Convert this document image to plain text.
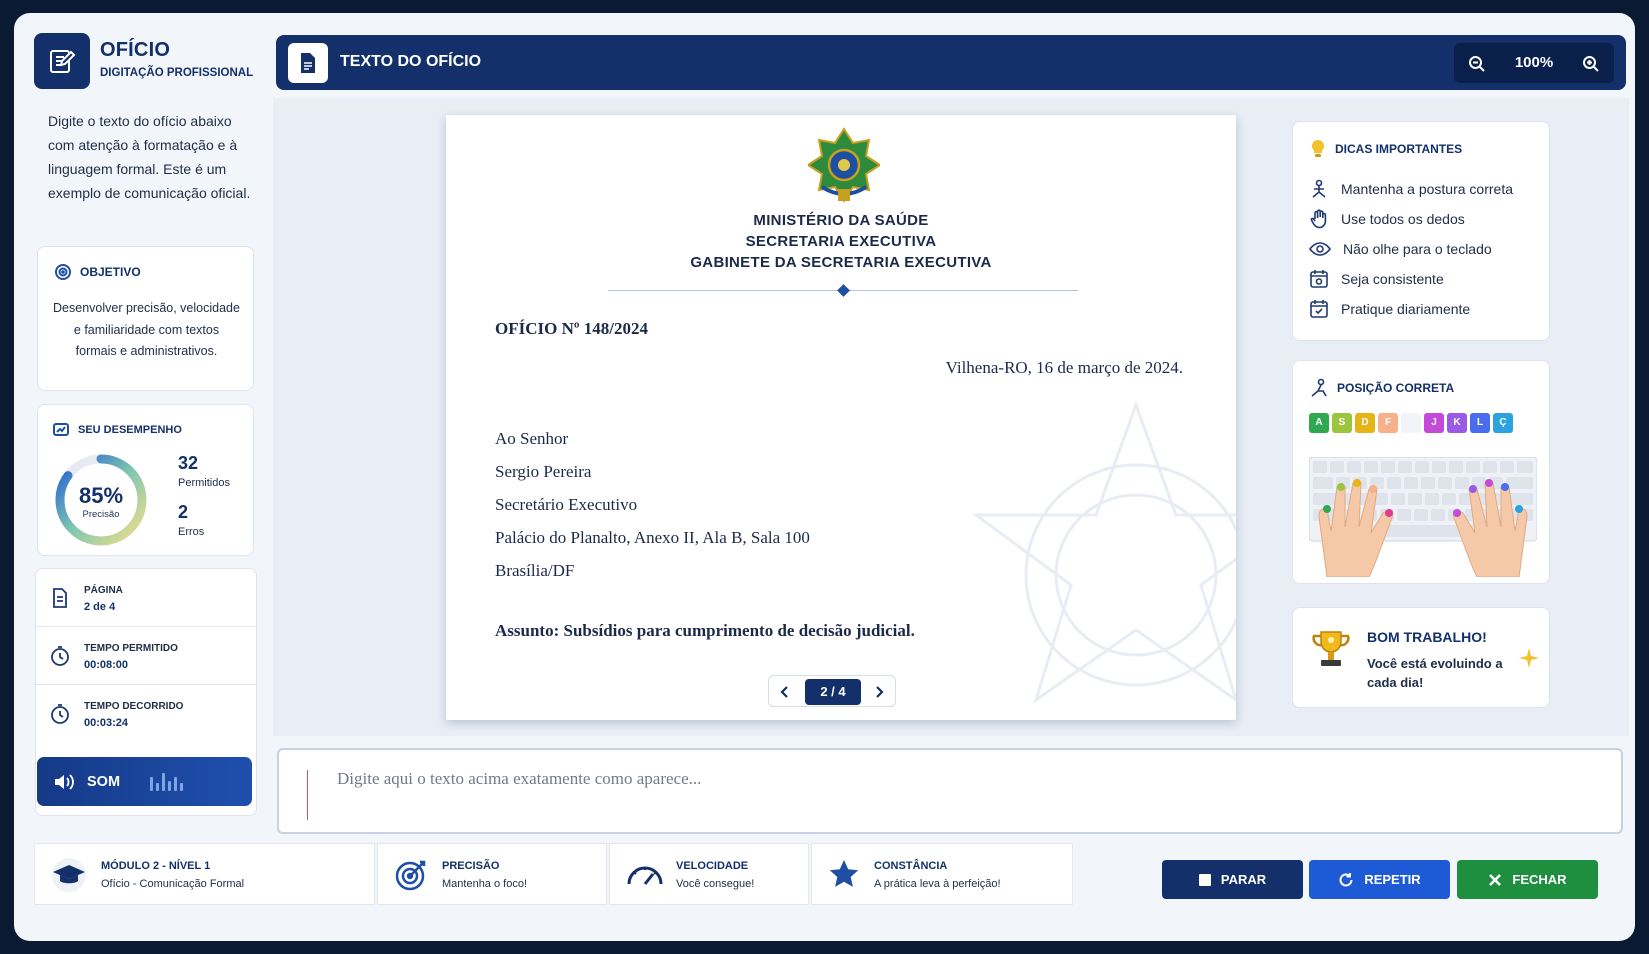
OFÍCIO
DIGITAÇÃO PROFISSIONAL
Digite o texto do ofício abaixo com atenção à formatação e à linguagem formal. Este é um exemplo de comunicação oficial.
OBJETIVO
Desenvolver precisão, velocidade e familiaridade com textos formais e administrativos.
SEU DESEMPENHO
85%
Precisão
32
Permitidos
2
Erros
PÁGINA
2 de 4
TEMPO PERMITIDO
00:08:00
TEMPO DECORRIDO
00:03:24
SOM
TEXTO DO OFÍCIO	100%
MINISTÉRIO DA SAÚDE
SECRETARIA EXECUTIVA
GABINETE DA SECRETARIA EXECUTIVA
OFÍCIO Nº 148/2024
Vilhena-RO, 16 de março de 2024.
Ao Senhor
Sergio Pereira
Secretário Executivo
Palácio do Planalto, Anexo II, Ala B, Sala 100
Brasília/DF
Assunto: Subsídios para cumprimento de decisão judicial.
2 / 4
DICAS IMPORTANTES
Mantenha a postura correta
Use todos os dedos
Não olhe para o teclado
Seja consistente
Pratique diariamente
POSIÇÃO CORRETA
A	S	D	F	J	K	L	Ç
BOM TRABALHO!
Você está evoluindo a cada dia!
Digite aqui o texto acima exatamente como aparece...
MÓDULO 2 - NÍVEL 1
Ofício - Comunicação Formal
PRECISÃO
Mantenha o foco!
VELOCIDADE
Você consegue!
CONSTÂNCIA
A prática leva à perfeição!	PARAR	REPETIR	FECHAR
